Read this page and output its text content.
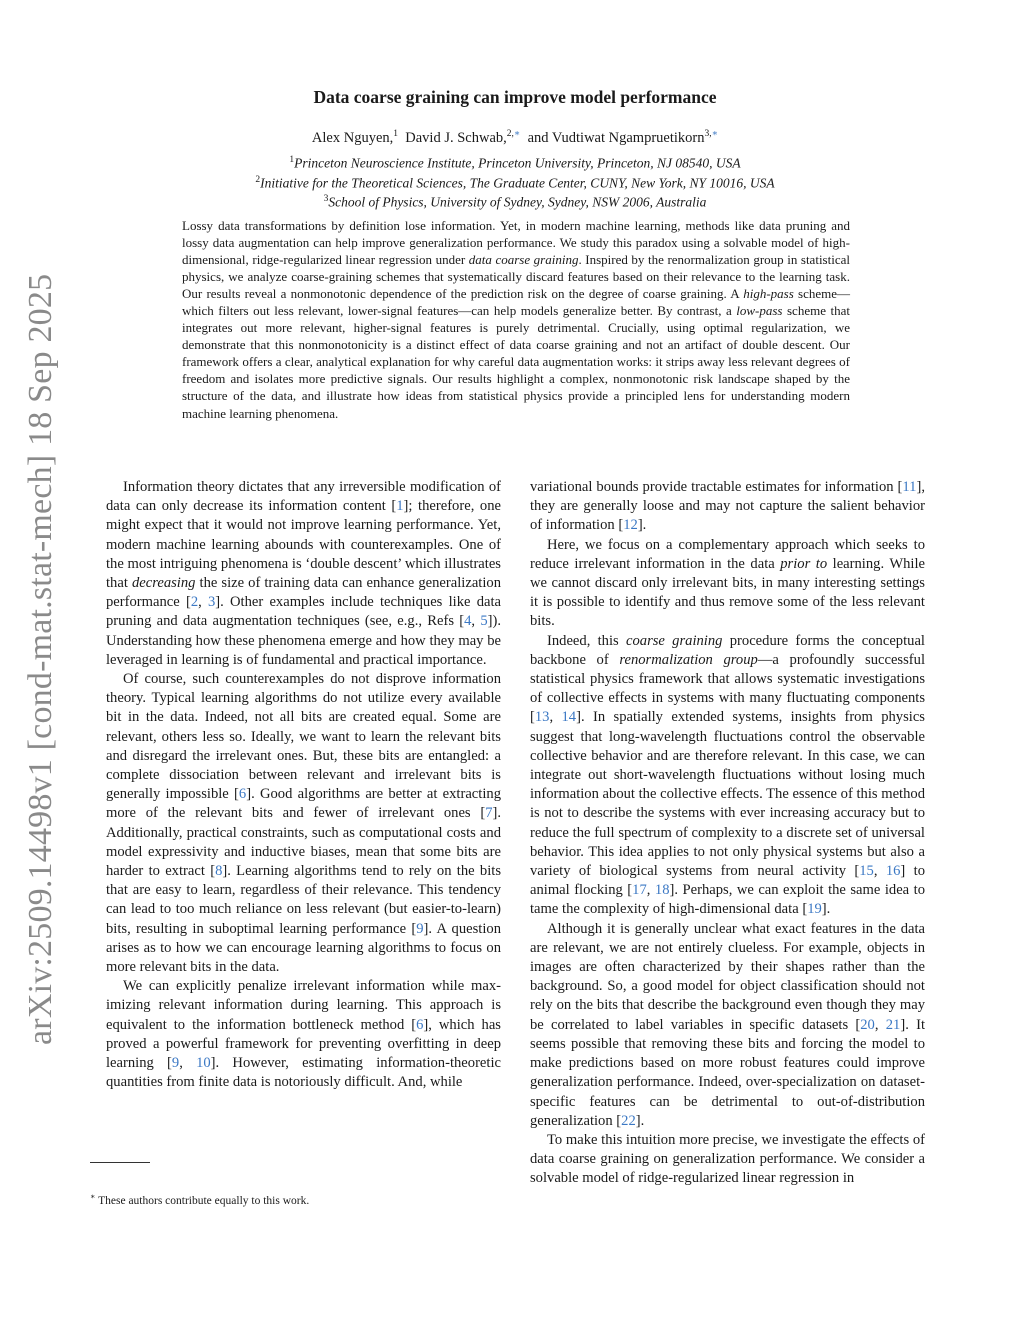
arXiv:2509.14498v1 [cond-mat.stat-mech] 18 Sep 2025
Data coarse graining can improve model performance
Alex Nguyen,$^1$ David J. Schwab,$^{2,∗}$ and Vudtiwat Ngampruetikorn$^{3,∗}$
$^1$Princeton Neuroscience Institute, Princeton University, Princeton, NJ 08540, USA
$^2$Initiative for the Theoretical Sciences, The Graduate Center, CUNY, New York, NY 10016, USA
$^3$School of Physics, University of Sydney, Sydney, NSW 2006, Australia
Lossy data transformations by definition lose information. Yet, in modern machine learning, methods like data pruning and lossy data augmentation can help improve generalization performance. We study this paradox using a solvable model of high-dimensional, ridge-regularized linear regression under data coarse graining. Inspired by the renormalization group in statistical physics, we analyze coarse-graining schemes that systematically discard features based on their relevance to the learning task. Our results reveal a nonmonotonic dependence of the prediction risk on the degree of coarse graining. A high-pass scheme—which filters out less relevant, lower-signal features—can help models generalize better. By contrast, a low-pass scheme that integrates out more relevant, higher-signal features is purely detrimental. Crucially, using optimal regularization, we demonstrate that this nonmonotonicity is a distinct effect of data coarse graining and not an artifact of double descent. Our framework offers a clear, analytical explanation for why careful data augmentation works: it strips away less relevant degrees of freedom and isolates more predictive signals. Our results highlight a complex, nonmonotonic risk landscape shaped by the structure of the data, and illustrate how ideas from statistical physics provide a principled lens for understanding modern machine learning phenomena.

Information theory dictates that any irreversible modification of data can only decrease its information content [1]; therefore, one might expect that it would not improve learning performance. Yet, modern machine learning abounds with counterexamples. One of the most intriguing phenomena is ‘double descent’ which illustrates that decreasing the size of training data can enhance generalization performance [2, 3]. Other examples include techniques like data pruning and data augmentation techniques (see, e.g., Refs [4, 5]). Understanding how these phenomena emerge and how they may be leveraged in learning is of fundamental and practical importance.

Of course, such counterexamples do not disprove information theory. Typical learning algorithms do not utilize every available bit in the data. Indeed, not all bits are created equal. Some are relevant, others less so. Ideally, we want to learn the relevant bits and disregard the irrelevant ones. But, these bits are entangled: a complete dissociation between relevant and irrelevant bits is generally impossible [6]. Good algorithms are better at extracting more of the relevant bits and fewer of irrelevant ones [7]. Additionally, practical constraints, such as computational costs and model expressivity and inductive biases, mean that some bits are harder to extract [8]. Learning algorithms tend to rely on the bits that are easy to learn, regardless of their relevance. This tendency can lead to too much reliance on less relevant (but easier-to-learn) bits, resulting in suboptimal learning performance [9]. A question arises as to how we can encourage learning algorithms to focus on more relevant bits in the data.

We can explicitly penalize irrelevant information while maximizing relevant information during learning. This approach is equivalent to the information bottleneck method [6], which has proved a powerful framework for preventing overfitting in deep learning [9, 10]. However, estimating information-theoretic quantities from finite data is notoriously difficult. And, while

variational bounds provide tractable estimates for information [11], they are generally loose and may not capture the salient behavior of information [12].

Here, we focus on a complementary approach which seeks to reduce irrelevant information in the data prior to learning. While we cannot discard only irrelevant bits, in many interesting settings it is possible to identify and thus remove some of the less relevant bits.

Indeed, this coarse graining procedure forms the conceptual backbone of renormalization group—a profoundly successful statistical physics framework that allows systematic investigations of collective effects in systems with many fluctuating components [13, 14]. In spatially extended systems, insights from physics suggest that long-wavelength fluctuations control the observable collective behavior and are therefore relevant. In this case, we can integrate out short-wavelength fluctuations without losing much information about the collective effects. The essence of this method is not to describe the systems with ever increasing accuracy but to reduce the full spectrum of complexity to a discrete set of universal behavior. This idea applies to not only physical systems but also a variety of biological systems from neural activity [15, 16] to animal flocking [17, 18]. Perhaps, we can exploit the same idea to tame the complexity of high-dimensional data [19].

Although it is generally unclear what exact features in the data are relevant, we are not entirely clueless. For example, objects in images are often characterized by their shapes rather than the background. So, a good model for object classification should not rely on the bits that describe the background even though they may be correlated to label variables in specific datasets [20, 21]. It seems possible that removing these bits and forcing the model to make predictions based on more robust features could improve generalization performance. Indeed, over-specialization on dataset-specific features can be detrimental to out-of-distribution generalization [22].

To make this intuition more precise, we investigate the effects of data coarse graining on generalization performance. We consider a solvable model of ridge-regularized linear regression in

∗ These authors contribute equally to this work.
